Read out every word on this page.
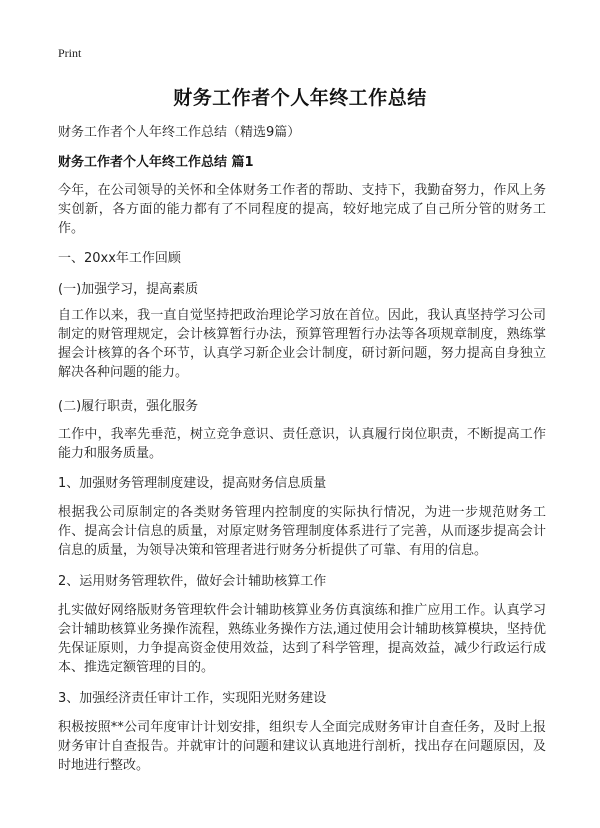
Print
财务工作者个人年终工作总结
财务工作者个人年终工作总结（精选9篇）
财务工作者个人年终工作总结 篇1

今年，在公司领导的关怀和全体财务工作者的帮助、支持下，我勤奋努力，作风上务实创新，各方面的能力都有了不同程度的提高，较好地完成了自己所分管的财务工作。

一、20xx年工作回顾

(一)加强学习，提高素质

自工作以来，我一直自觉坚持把政治理论学习放在首位。因此，我认真坚持学习公司制定的财管理规定，会计核算暂行办法，预算管理暂行办法等各项规章制度，熟练掌握会计核算的各个环节，认真学习新企业会计制度，研讨新问题，努力提高自身独立解决各种问题的能力。

(二)履行职责，强化服务

工作中，我率先垂范，树立竞争意识、责任意识，认真履行岗位职责，不断提高工作能力和服务质量。

1、加强财务管理制度建设，提高财务信息质量

根据我公司原制定的各类财务管理内控制度的实际执行情况，为进一步规范财务工作、提高会计信息的质量，对原定财务管理制度体系进行了完善，从而逐步提高会计信息的质量，为领导决策和管理者进行财务分析提供了可靠、有用的信息。

2、运用财务管理软件，做好会计辅助核算工作

扎实做好网络版财务管理软件会计辅助核算业务仿真演练和推广应用工作。认真学习会计辅助核算业务操作流程，熟练业务操作方法,通过使用会计辅助核算模块，坚持优先保证原则，力争提高资金使用效益，达到了科学管理，提高效益，减少行政运行成本、推选定额管理的目的。

3、加强经济责任审计工作，实现阳光财务建设

积极按照**公司年度审计计划安排，组织专人全面完成财务审计自查任务，及时上报财务审计自查报告。并就审计的问题和建议认真地进行剖析，找出存在问题原因，及时地进行整改。
